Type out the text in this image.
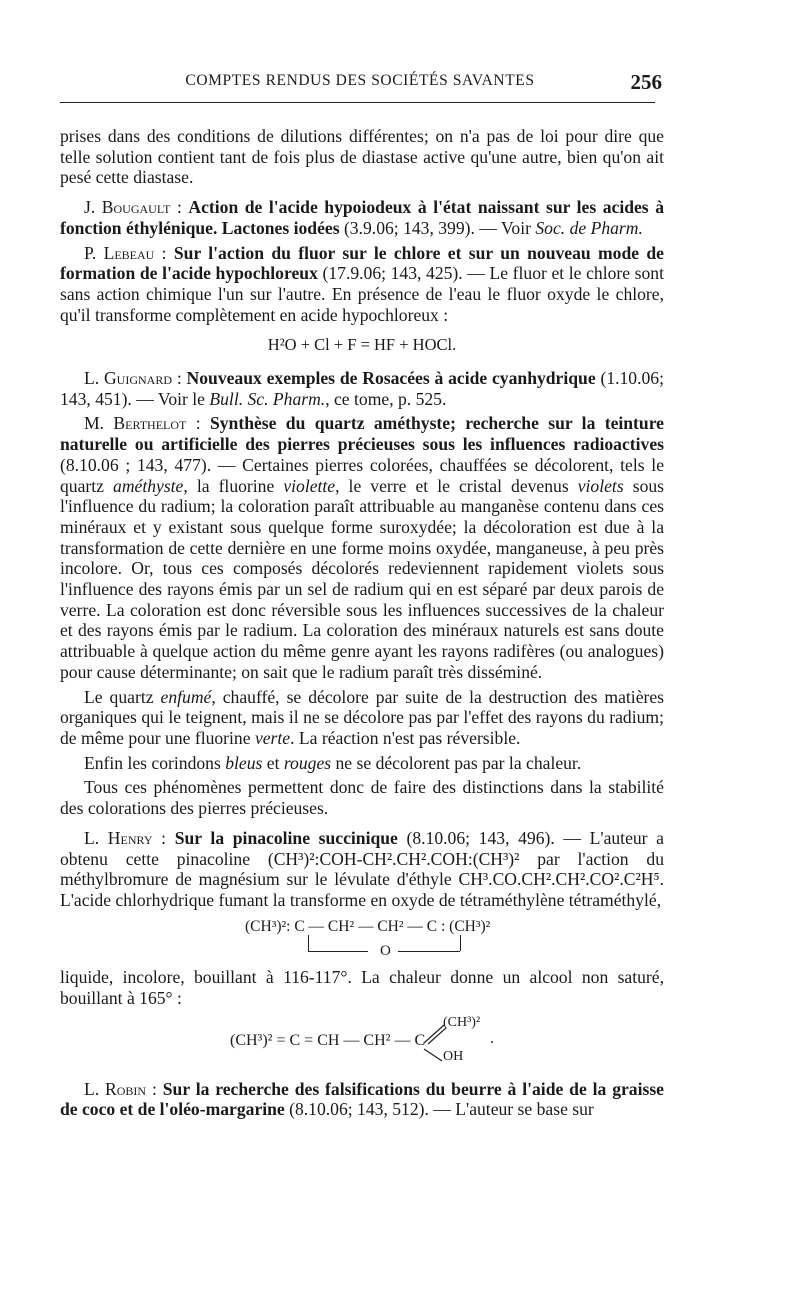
COMPTES RENDUS DES SOCIÉTÉS SAVANTES	256

prises dans des conditions de dilutions différentes; on n'a pas de loi pour dire que telle solution contient tant de fois plus de diastase active qu'une autre, bien qu'on ait pesé cette diastase.

J. Bougault : Action de l'acide hypoiodeux à l'état naissant sur les acides à fonction éthylénique. Lactones iodées (3.9.06; 143, 399). — Voir Soc. de Pharm.

P. Lebeau : Sur l'action du fluor sur le chlore et sur un nouveau mode de formation de l'acide hypochloreux (17.9.06; 143, 425). — Le fluor et le chlore sont sans action chimique l'un sur l'autre. En présence de l'eau le fluor oxyde le chlore, qu'il transforme complètement en acide hypochloreux :

H²O + Cl + F = HF + HOCl.

L. Guignard : Nouveaux exemples de Rosacées à acide cyanhydrique (1.10.06; 143, 451). — Voir le Bull. Sc. Pharm., ce tome, p. 525.

M. Berthelot : Synthèse du quartz améthyste; recherche sur la teinture naturelle ou artificielle des pierres précieuses sous les influences radioactives (8.10.06 ; 143, 477). — Certaines pierres colorées, chauffées se décolorent, tels le quartz améthyste, la fluorine violette, le verre et le cristal devenus violets sous l'influence du radium; la coloration paraît attribuable au manganèse contenu dans ces minéraux et y existant sous quelque forme suroxydée; la décoloration est due à la transformation de cette dernière en une forme moins oxydée, manganeuse, à peu près incolore. Or, tous ces composés décolorés redeviennent rapidement violets sous l'influence des rayons émis par un sel de radium qui en est séparé par deux parois de verre. La coloration est donc réversible sous les influences successives de la chaleur et des rayons émis par le radium. La coloration des minéraux naturels est sans doute attribuable à quelque action du même genre ayant les rayons radifères (ou analogues) pour cause déterminante; on sait que le radium paraît très disséminé.

Le quartz enfumé, chauffé, se décolore par suite de la destruction des matières organiques qui le teignent, mais il ne se décolore pas par l'effet des rayons du radium; de même pour une fluorine verte. La réaction n'est pas réversible.

Enfin les corindons bleus et rouges ne se décolorent pas par la chaleur.

Tous ces phénomènes permettent donc de faire des distinctions dans la stabilité des colorations des pierres précieuses.

L. Henry : Sur la pinacoline succinique (8.10.06; 143, 496). — L'auteur a obtenu cette pinacoline (CH³)²:COH-CH².CH².COH:(CH³)² par l'action du méthylbromure de magnésium sur le lévulate d'éthyle CH³.CO.CH².CH².CO².C²H⁵. L'acide chlorhydrique fumant la transforme en oxyde de tétraméthylène tétraméthylé,

(CH³)²: C — CH² — CH² — C : (CH³)²
O

liquide, incolore, bouillant à 116-117°. La chaleur donne un alcool non saturé, bouillant à 165° :

(CH³)² = C = CH — CH² — C
(CH³)²
OH
.

L. Robin : Sur la recherche des falsifications du beurre à l'aide de la graisse de coco et de l'oléo-margarine (8.10.06; 143, 512). — L'auteur se base sur
